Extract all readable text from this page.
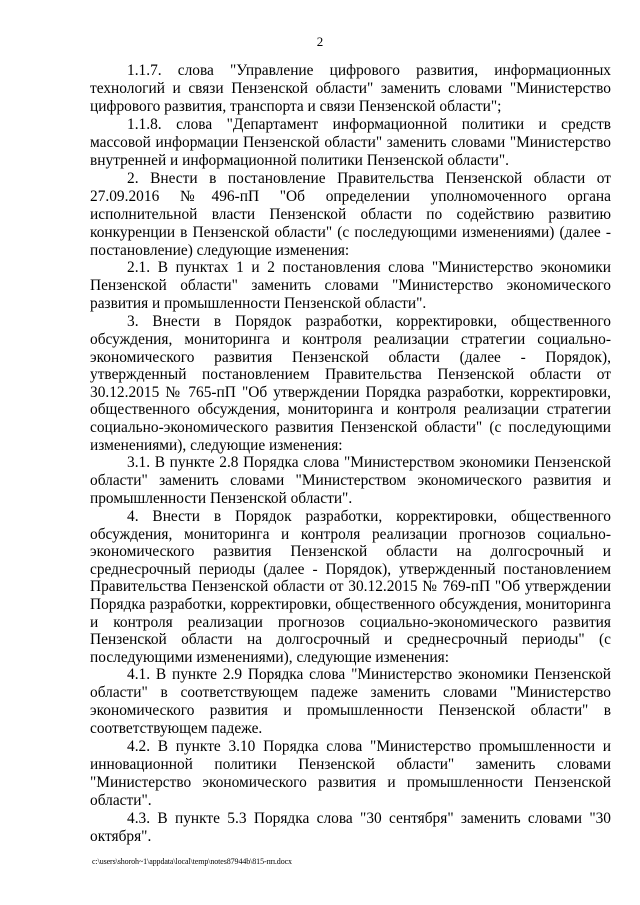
2

1.1.7. слова "Управление цифрового развития, информационных технологий и связи Пензенской области" заменить словами "Министерство цифрового развития, транспорта и связи Пензенской области";

1.1.8. слова "Департамент информационной политики и средств массовой информации Пензенской области" заменить словами "Министерство внутренней и информационной политики Пензенской области".

2. Внести в постановление Правительства Пензенской области от 27.09.2016 №496-пП "Об определении уполномоченного органа исполнительной власти Пензенской области по содействию развитию конкуренции в Пензенской области" (с последующими изменениями) (далее - постановление) следующие изменения:

2.1. В пунктах 1 и 2 постановления слова "Министерство экономики Пензенской области" заменить словами "Министерство экономического развития и промышленности Пензенской области".

3. Внести в Порядок разработки, корректировки, общественного обсуждения, мониторинга и контроля реализации стратегии социально-экономического развития Пензенской области (далее - Порядок), утвержденный постановлением Правительства Пензенской области от 30.12.2015 № 765-пП "Об утверждении Порядка разработки, корректировки, общественного обсуждения, мониторинга и контроля реализации стратегии социально-экономического развития Пензенской области" (с последующими изменениями), следующие изменения:

3.1. В пункте 2.8 Порядка слова "Министерством экономики Пензенской области" заменить словами "Министерством экономического развития и промышленности Пензенской области".

4. Внести в Порядок разработки, корректировки, общественного обсуждения, мониторинга и контроля реализации прогнозов социально-экономического развития Пензенской области на долгосрочный и среднесрочный периоды (далее - Порядок), утвержденный постановлением Правительства Пензенской области от 30.12.2015 № 769-пП "Об утверждении Порядка разработки, корректировки, общественного обсуждения, мониторинга и контроля реализации прогнозов социально-экономического развития Пензенской области на долгосрочный и среднесрочный периоды" (с последующими изменениями), следующие изменения:

4.1. В пункте 2.9 Порядка слова "Министерство экономики Пензенской области" в соответствующем падеже заменить словами "Министерство экономического развития и промышленности Пензенской области" в соответствующем падеже.

4.2. В пункте 3.10 Порядка слова "Министерство промышленности и инновационной политики Пензенской области" заменить словами "Министерство экономического развития и промышленности Пензенской области".

4.3. В пункте 5.3 Порядка слова "30 сентября" заменить словами "30 октября".

c:\users\shoroh~1\appdata\local\temp\notes87944b\815-пп.docx
